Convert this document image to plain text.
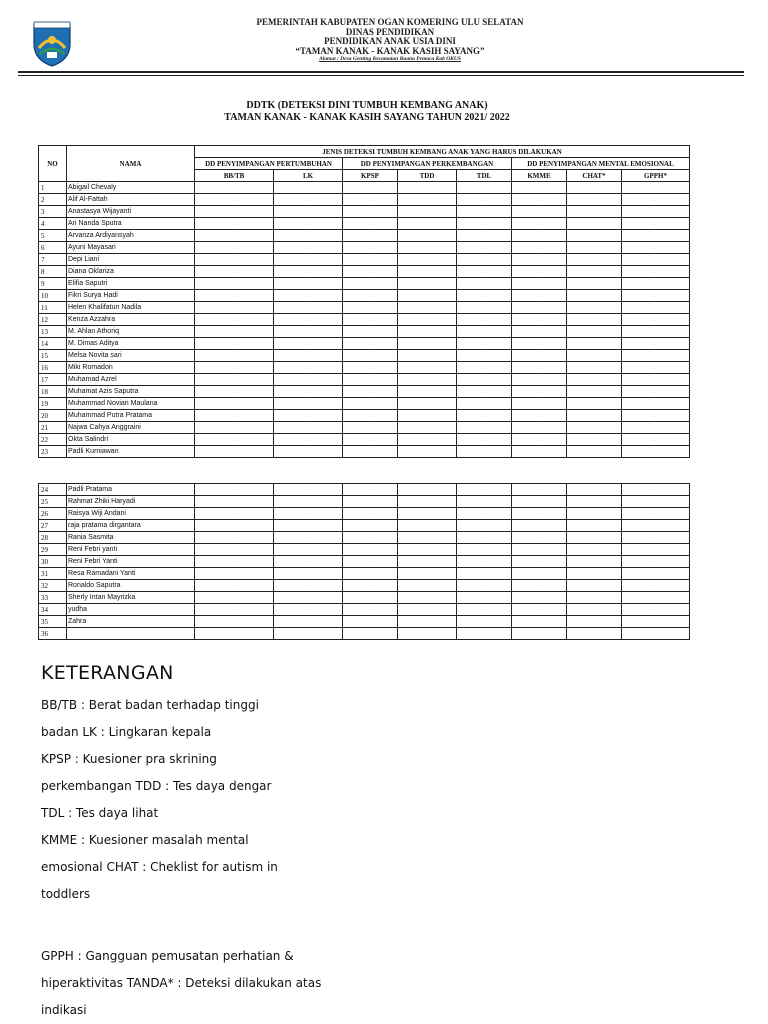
PEMERINTAH KABUPATEN OGAN KOMERING ULU SELATAN
DINAS PENDIDIKAN
PENDIDIKAN ANAK USIA DINI
“TAMAN KANAK - KANAK KASIH SAYANG”
Alamat : Desa Genting Kecamatan Buana Pemaca Kab OKUS
DDTK (DETEKSI DINI TUMBUH KEMBANG ANAK)
TAMAN KANAK - KANAK KASIH SAYANG TAHUN 2021/ 2022
NO	NAMA	JENIS DETEKSI TUMBUH KEMBANG ANAK YANG HARUS DILAKUKAN							
		DD PENYIMPANGAN PERTUMBUHAN		DD PENYIMPANGAN PERKEMBANGAN			DD PENYIMPANGAN MENTAL EMOSIONAL		
		BB/TB	LK	KPSP	TDD	TDL	KMME	CHAT*	GPPH*
1	Abigail Chevaly	.	.	.		.	.		.
2	Alif Al-Fattah	.	.	.		.	.		.
3	Anastasya Wijayanti	.	.	.		.	.		.
4	Ari Nanda Sputra	.	.	.		.	.		.
5	Arvanza Ardiyansyah	.	.	.		.	.		.
6	Ayuni Mayasari	.	.	.		.	.		.
7	Depi Liani	.	.	.		.	.		.
8	Diana Oklariza	.	.	.		.	.		.
9	Elifia Saputri	.	.	.		.	.		.
10	Fikri Surya Hadi	.	.	.		.	.		.
11	Helen Khalifatun Nadila	.	.	.		.	.		.
12	Kenza Azzahra	.	.	.		.	.		.
13	M. Ahlan Athoriq	.	.	.		.	.		.
14	M. Dimas Aditya	.	.	.		.	.		.
15	Melsa Novita sari	.	.	.		.	.		.
16	Miki Romadon	.	.	.		.	.		.
17	Muhamad Azrel	.	.	.		.	.		.
18	Muhamat Azis Saputra	.	.	.		.	.		.
19	Muhammad Novian Maulana	.	.	.		.	.		.
20	Muhammad Putra Pratama	.	.	.		.	.		.
21	Najwa Cahya Anggraini	.	.	.		.	.		.
22	Okta Salindri	.	.	.		.	.		.
23	Padli Kurniawan	.	.	.		.	.		.
24	Padli Pratama	.	.	.		.	.		.
25	Rahmat Zhiki Haryadi	.	.	.		.	.		.
26	Raisya Wiji Andani	.	.	.		.	.		.
27	raja pratama dirgantara	.	.	.		.	.		.
28	Rania Sasmita	.	.	.		.	.		.
29	Reni Febri yanti	.	.	.		.	.		.
30	Reni Febri Yanti	.	.	.		.	.		.
31	Resa Ramadani Yanti	.	.	.		.	.		.
32	Ronaldo Saputra	.	.	.		.	.		.
33	Sherly Intan Mayrizka	.	.	.		.	.		.
34	yudha	.	.	.		.	.		.
35	Zahra	.	.	.		.	.		.
36									
KETERANGAN
BB/TB : Berat badan terhadap tinggi
badan LK : Lingkaran kepala
KPSP : Kuesioner pra skrining
perkembangan TDD : Tes daya dengar
TDL : Tes daya lihat
KMME : Kuesioner masalah mental
emosional CHAT : Cheklist for autism in
toddlers
GPPH : Gangguan pemusatan perhatian &
hiperaktivitas TANDA* : Deteksi dilakukan atas
indikasi
